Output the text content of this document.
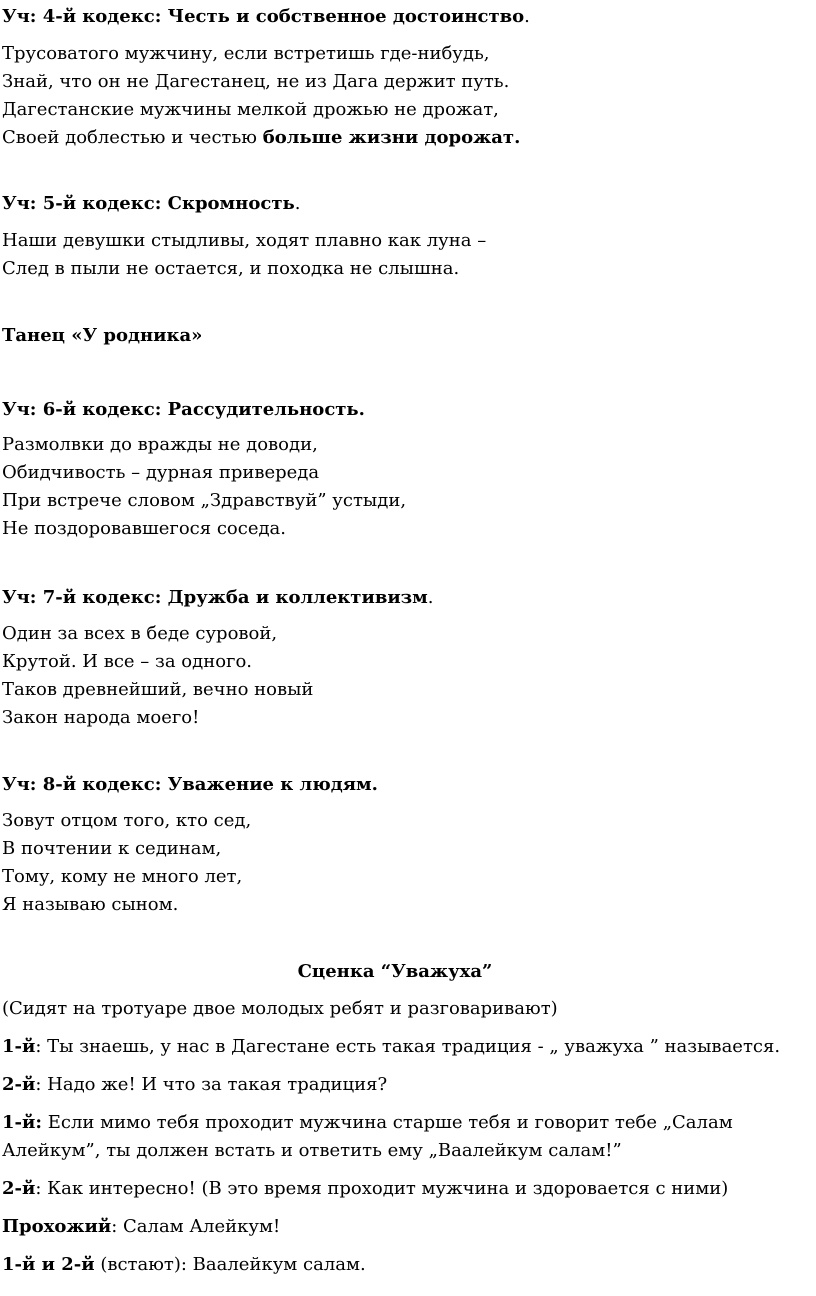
Уч: 4-й кодекс: Честь и собственное достоинство.

Трусоватого мужчину, если встретишь где-нибудь,
Знай, что он не Дагестанец, не из Дага держит путь.
Дагестанские мужчины мелкой дрожью не дрожат,
Своей доблестью и честью больше жизни дорожат.

Уч: 5-й кодекс: Скромность.

Наши девушки стыдливы, ходят плавно как луна –
След в пыли не остается, и походка не слышна.

Танец «У родника»

Уч: 6-й кодекс: Рассудительность.

Размолвки до вражды не доводи,
Обидчивость – дурная привереда
При встрече словом „Здравствуй” устыди,
Не поздоровавшегося соседа.

Уч: 7-й кодекс: Дружба и коллективизм.

Один за всех в беде суровой,
Крутой. И все – за одного.
Таков древнейший, вечно новый
Закон народа моего!

Уч: 8-й кодекс: Уважение к людям.

Зовут отцом того, кто сед,
В почтении к сединам,
Тому, кому не много лет,
Я называю сыном.

Сценка “Уважуха”

(Сидят на тротуаре двое молодых ребят и разговаривают)

1-й: Ты знаешь, у нас в Дагестане есть такая традиция - „ уважуха ” называется.

2-й: Надо же! И что за такая традиция?

1-й: Если мимо тебя проходит мужчина старше тебя и говорит тебе „Салам Алейкум”, ты должен встать и ответить ему „Ваалейкум салам!”

2-й: Как интересно! (В это время проходит мужчина и здоровается с ними)

Прохожий: Салам Алейкум!

1-й и 2-й (встают): Ваалейкум салам.
